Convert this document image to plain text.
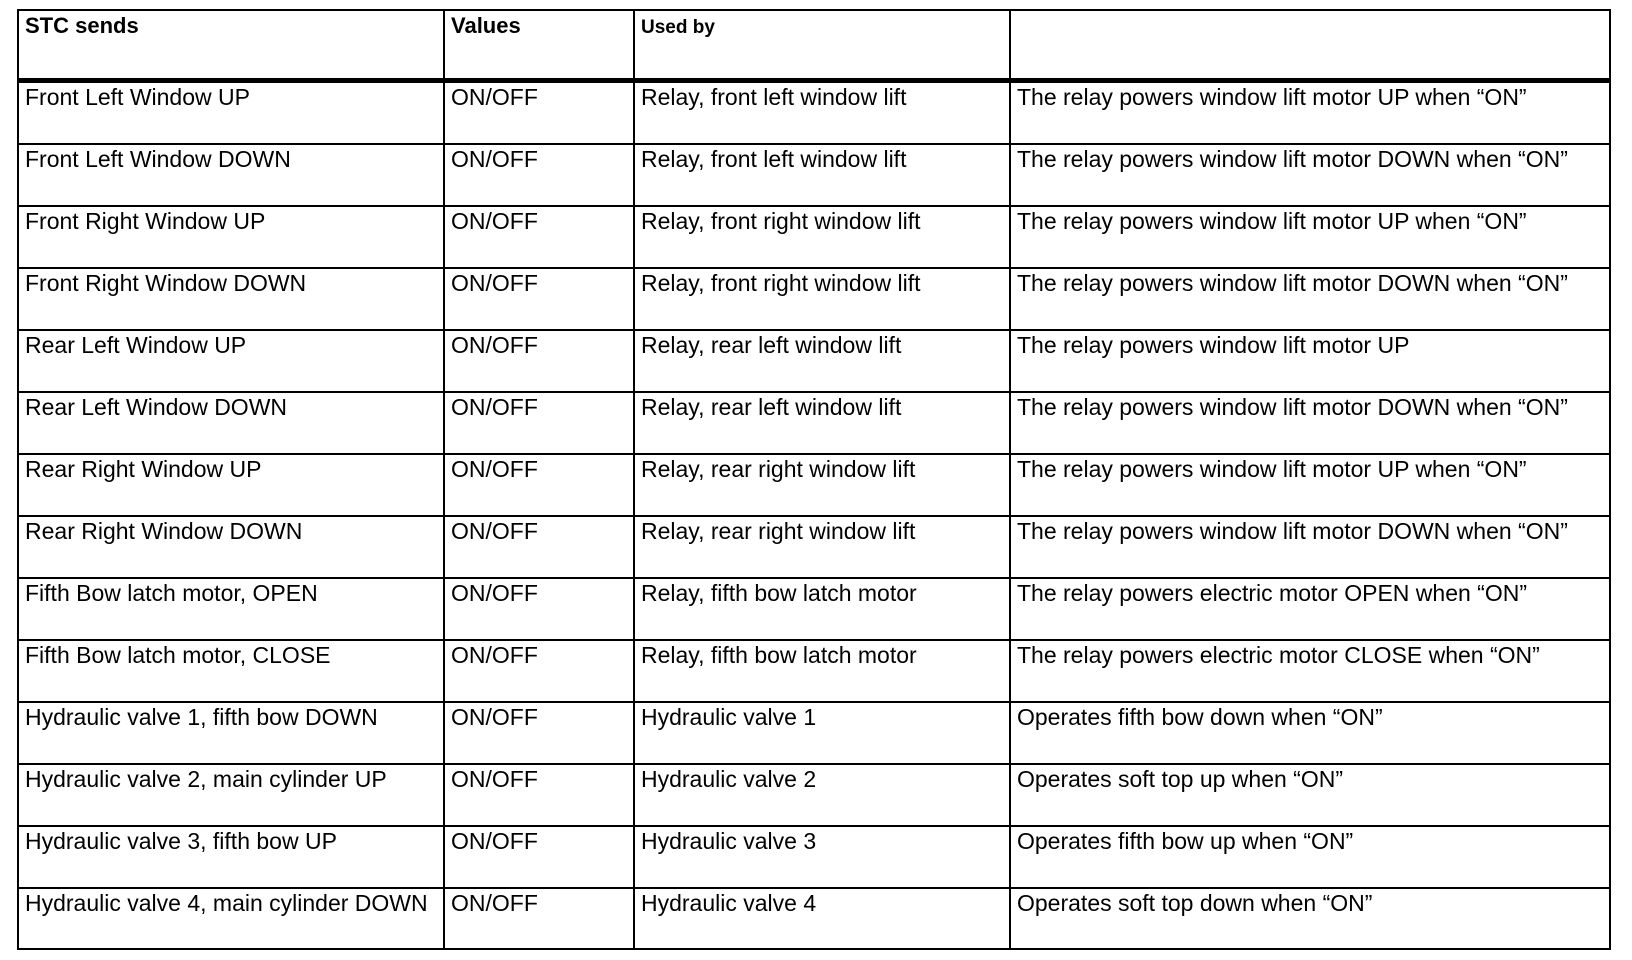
STC sends	Values	Used by	
Front Left Window UP	ON/OFF	Relay, front left window lift	The relay powers window lift motor UP when “ON”
Front Left Window DOWN	ON/OFF	Relay, front left window lift	The relay powers window lift motor DOWN when “ON”
Front Right Window UP	ON/OFF	Relay, front right window lift	The relay powers window lift motor UP when “ON”
Front Right Window DOWN	ON/OFF	Relay, front right window lift	The relay powers window lift motor DOWN when “ON”
Rear Left Window UP	ON/OFF	Relay, rear left window lift	The relay powers window lift motor UP
Rear Left Window DOWN	ON/OFF	Relay, rear left window lift	The relay powers window lift motor DOWN when “ON”
Rear Right Window UP	ON/OFF	Relay, rear right window lift	The relay powers window lift motor UP when “ON”
Rear Right Window DOWN	ON/OFF	Relay, rear right window lift	The relay powers window lift motor DOWN when “ON”
Fifth Bow latch motor, OPEN	ON/OFF	Relay, fifth bow latch motor	The relay powers electric motor OPEN when “ON”
Fifth Bow latch motor, CLOSE	ON/OFF	Relay, fifth bow latch motor	The relay powers electric motor CLOSE when “ON”
Hydraulic valve 1, fifth bow DOWN	ON/OFF	Hydraulic valve 1	Operates fifth bow down when “ON”
Hydraulic valve 2, main cylinder UP	ON/OFF	Hydraulic valve 2	Operates soft top up when “ON”
Hydraulic valve 3, fifth bow UP	ON/OFF	Hydraulic valve 3	Operates fifth bow up when “ON”
Hydraulic valve 4, main cylinder DOWN	ON/OFF	Hydraulic valve 4	Operates soft top down when “ON”
